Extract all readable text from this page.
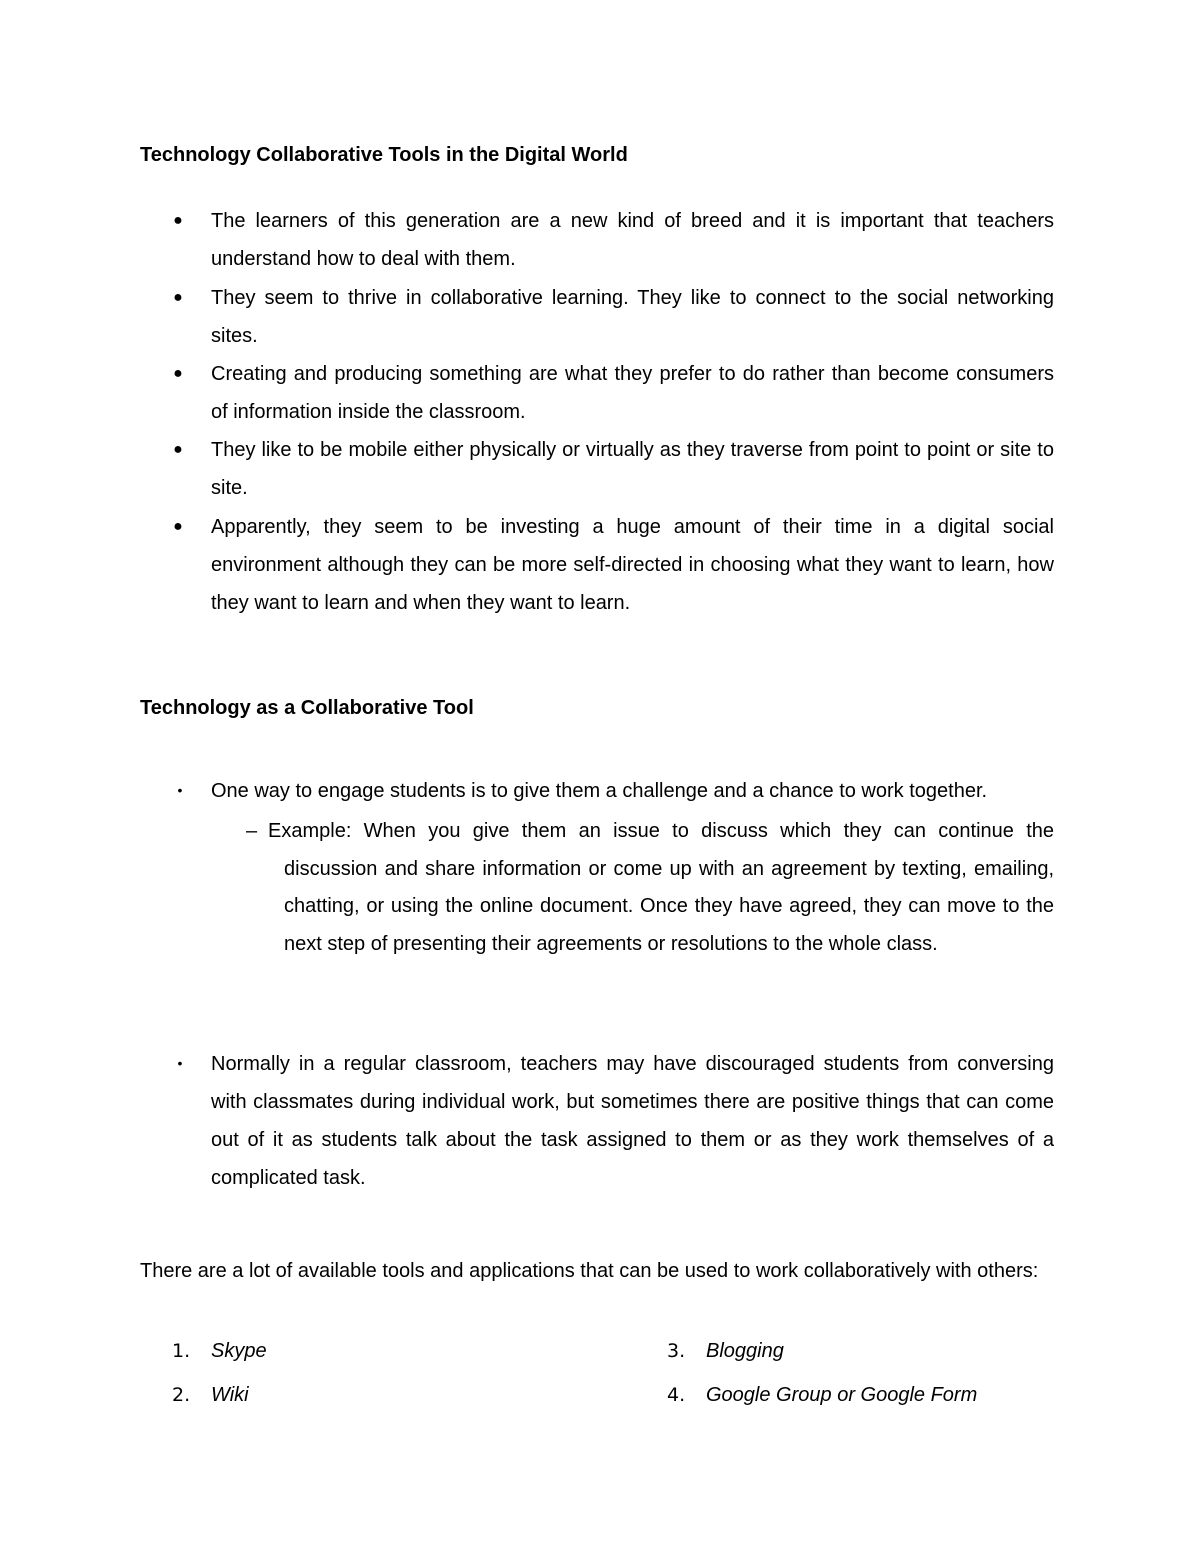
Technology Collaborative Tools in the Digital World
● The learners of this generation are a new kind of breed and it is important that teachers understand how to deal with them.
● They seem to thrive in collaborative learning. They like to connect to the social networking sites.
● Creating and producing something are what they prefer to do rather than become consumers of information inside the classroom.
● They like to be mobile either physically or virtually as they traverse from point to point or site to site.
● Apparently, they seem to be investing a huge amount of their time in a digital social environment although they can be more self-directed in choosing what they want to learn, how they want to learn and when they want to learn.
Technology as a Collaborative Tool
•	One way to engage students is to give them a challenge and a chance to work together.
– Example: When you give them an issue to discuss which they can continue the discussion and share information or come up with an agreement by texting, emailing, chatting, or using the online document. Once they have agreed, they can move to the next step of presenting their agreements or resolutions to the whole class.
•	Normally in a regular classroom, teachers may have discouraged students from conversing with classmates during individual work, but sometimes there are positive things that can come out of it as students talk about the task assigned to them or as they work themselves of a complicated task.
There are a lot of available tools and applications that can be used to work collaboratively with others:
1. Skype
2. Wiki
3. Blogging
4. Google Group or Google Form
